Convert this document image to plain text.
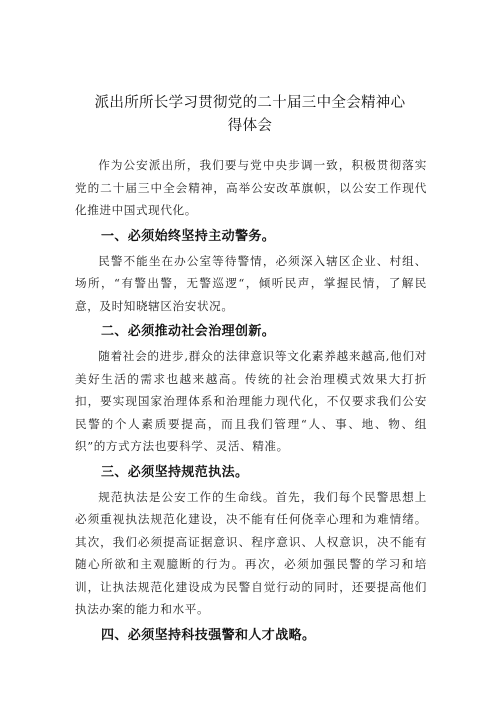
派出所所长学习贯彻党的二十届三中全会精神心得体会

作为公安派出所，我们要与党中央步调一致，积极贯彻落实党的二十届三中全会精神，高举公安改革旗帜，以公安工作现代化推进中国式现代化。

一、必须始终坚持主动警务。

民警不能坐在办公室等待警情，必须深入辖区企业、村组、场所，“有警出警，无警巡逻“，倾听民声，掌握民情，了解民意，及时知晓辖区治安状况。

二、必须推动社会治理创新。

随着社会的进步,群众的法律意识等文化素养越来越高,他们对美好生活的需求也越来越高。传统的社会治理模式效果大打折扣，要实现国家治理体系和治理能力现代化，不仅要求我们公安民警的个人素质要提高，而且我们管理“人、事、地、物、组织”的方式方法也要科学、灵活、精准。

三、必须坚持规范执法。

规范执法是公安工作的生命线。首先，我们每个民警思想上必须重视执法规范化建设，决不能有任何侥幸心理和为难情绪。其次，我们必须提高证据意识、程序意识、人权意识，决不能有随心所欲和主观臆断的行为。再次，必须加强民警的学习和培训，让执法规范化建设成为民警自觉行动的同时，还要提高他们执法办案的能力和水平。

四、必须坚持科技强警和人才战略。
